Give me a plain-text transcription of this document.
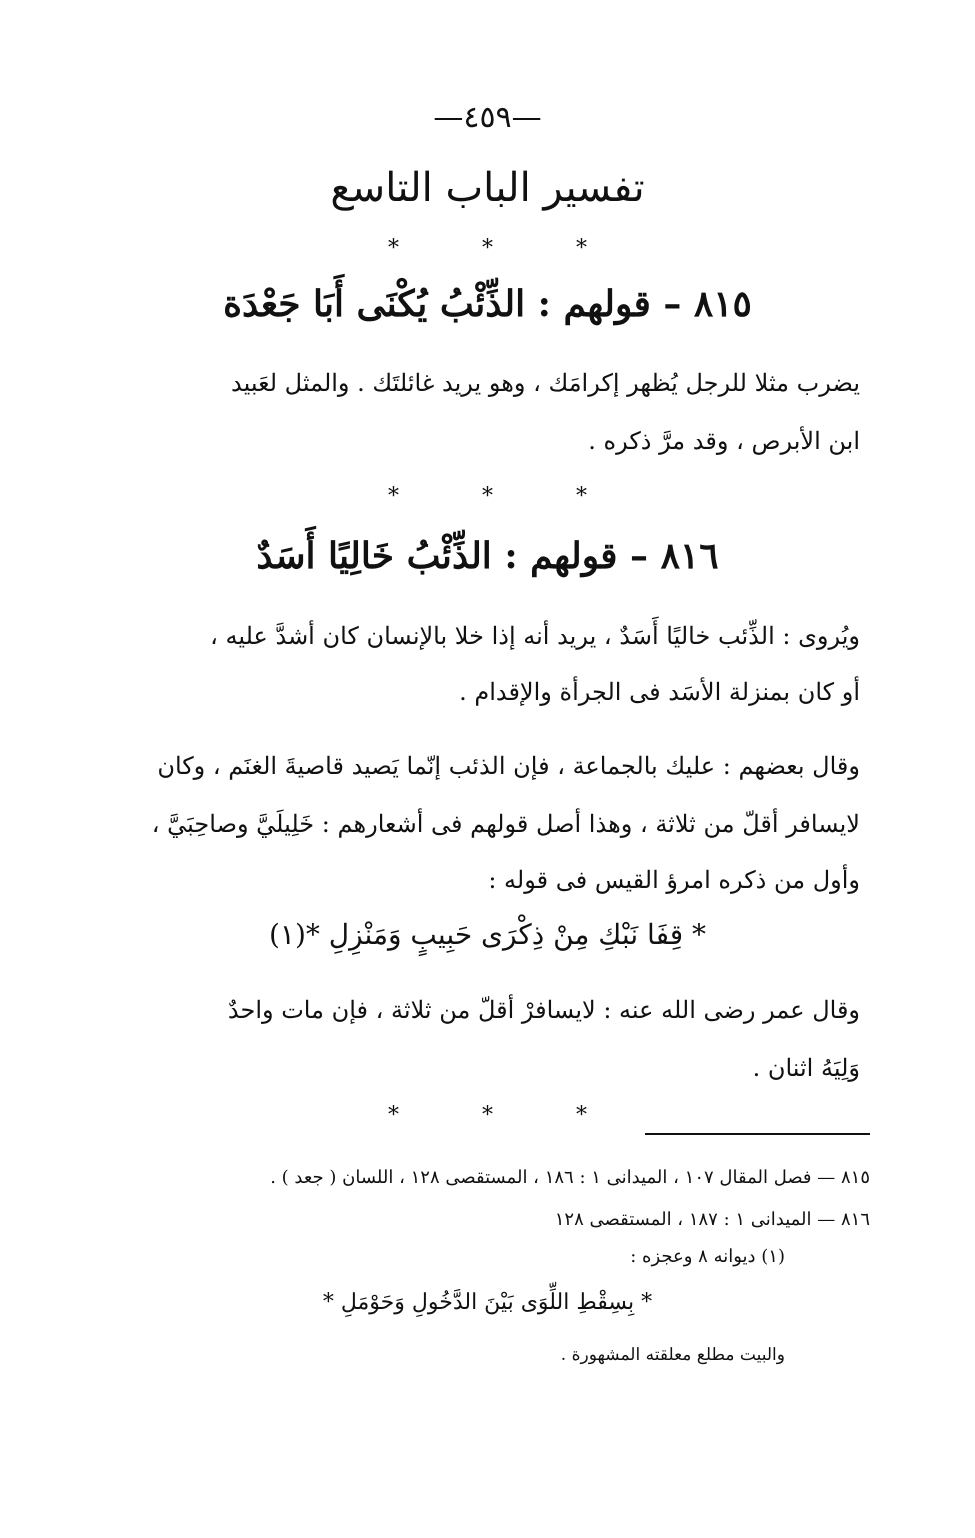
—٤٥٩—
تفسير الباب التاسع
* * *
٨١٥ – قولهم : الذِّئْبُ يُكْنَى أَبَا جَعْدَة
يضرب مثلا للرجل يُظهر إكرامَك ، وهو يريد غائلتَك . والمثل لعَبيد
ابن الأبرص ، وقد مرَّ ذكره .
* * *
٨١٦ – قولهم : الذِّئْبُ خَالِيًا أَسَدٌ
ويُروى : الذِّئب خاليًا أَسَدٌ ، يريد أنه إذا خلا بالإنسان كان أشدَّ عليه ،
أو كان بمنزلة الأسَد فى الجرأة والإقدام .
وقال بعضهم : عليك بالجماعة ، فإن الذئب إنّما يَصيد قاصيةَ الغنَم ، وكان
لايسافر أقلّ من ثلاثة ، وهذا أصل قولهم فى أشعارهم : خَلِيلَيَّ وصاحِبَيَّ ،
وأول من ذكره امرؤ القيس فى قوله :
* قِفَا نَبْكِ مِنْ ذِكْرَى حَبِيبٍ وَمَنْزِلِ *(١)
وقال عمر رضى الله عنه : لايسافرْ أقلّ من ثلاثة ، فإن مات واحدٌ
وَلِيَهُ اثنان .
* * *
٨١٥ — فصل المقال ١٠٧ ، الميدانى ١ : ١٨٦ ، المستقصى ١٢٨ ، اللسان ( جعد ) .
٨١٦ — الميدانى ١ : ١٨٧ ، المستقصى ١٢٨
(١) ديوانه ٨ وعجزه :
* بِسِقْطِ اللِّوَى بَيْنَ الدَّخُولِ وَحَوْمَلِ *
والبيت مطلع معلقته المشهورة .
